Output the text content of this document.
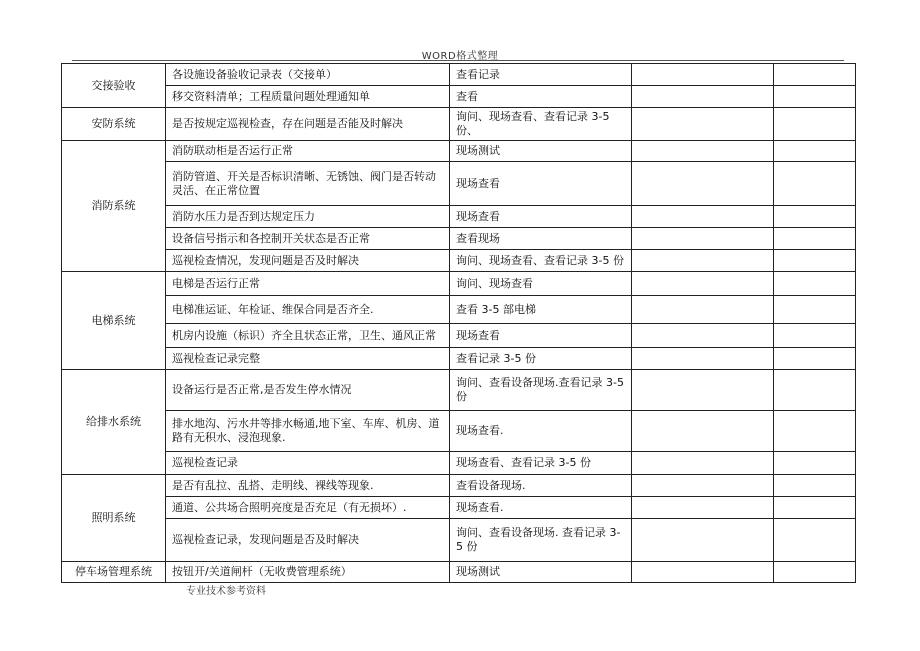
WORD格式整理
交接验收	各设施设备验收记录表（交接单）	查看记录		
	移交资料清单；工程质量问题处理通知单	查看		
安防系统	是否按规定巡视检查，存在问题是否能及时解决	询问、现场查看、查看记录 3-5 份、		
消防系统	消防联动柜是否运行正常	现场测试		
	消防管道、开关是否标识清晰、无锈蚀、阀门是否转动灵活、在正常位置	现场查看		
	消防水压力是否到达规定压力	现场查看		
	设备信号指示和各控制开关状态是否正常	查看现场		
	巡视检查情况，发现问题是否及时解决	询问、现场查看、查看记录 3-5 份		
电梯系统	电梯是否运行正常	询问、现场查看		
	电梯准运证、年检证、维保合同是否齐全.	查看 3-5 部电梯		
	机房内设施（标识）齐全且状态正常，卫生、通风正常	现场查看		
	巡视检查记录完整	查看记录 3-5 份		
给排水系统	设备运行是否正常,是否发生停水情况	询问、查看设备现场.查看记录 3-5 份		
	排水地沟、污水井等排水畅通,地下室、车库、机房、道路有无积水、浸泡现象.	现场查看.		
	巡视检查记录	现场查看、查看记录 3-5 份		
照明系统	是否有乱拉、乱搭、走明线、裸线等现象.	查看设备现场.		
	通道、公共场合照明亮度是否充足（有无损坏）.	现场查看.		
	巡视检查记录，发现问题是否及时解决	询问、查看设备现场. 查看记录 3-5 份		
停车场管理系统	按钮开/关道闸杆（无收费管理系统）	现场测试		
专业技术参考资料
